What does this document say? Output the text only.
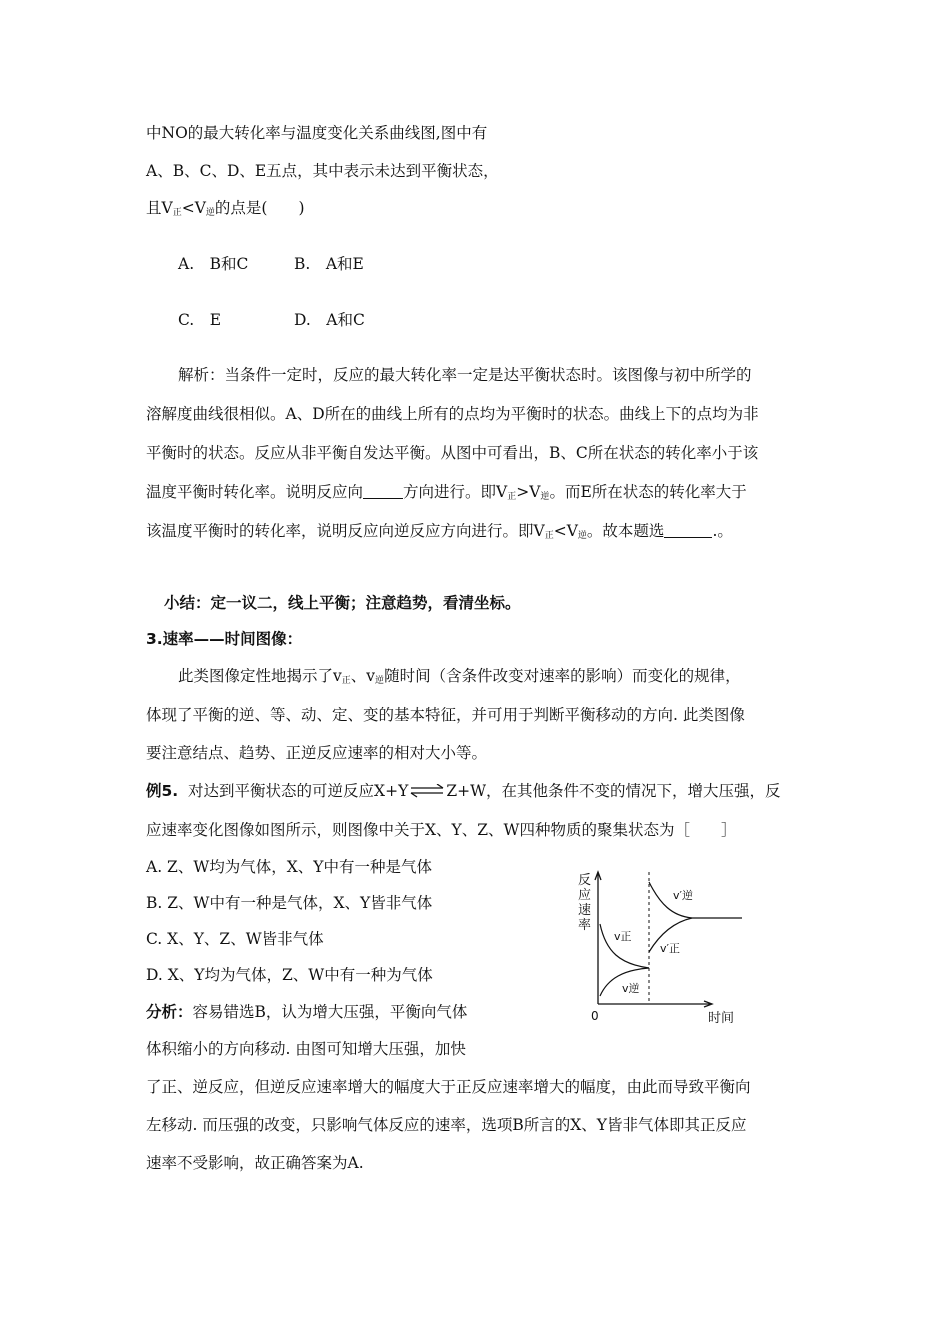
中NO的最大转化率与温度变化关系曲线图,图中有
A、B、C、D、E五点，其中表示未达到平衡状态，
且$V_正<V_逆$的点是(　　)
A.　B和C	B.　A和E
C.　E	D.　A和C
解析：当条件一定时，反应的最大转化率一定是达平衡状态时。该图像与初中所学的
溶解度曲线很相似。A、D所在的曲线上所有的点均为平衡时的状态。曲线上下的点均为非
平衡时的状态。反应从非平衡自发达平衡。从图中可看出，B、C所在状态的转化率小于该
温度平衡时转化率。说明反应向	方向进行。即$V_正>V_逆$。而E所在状态的转化率大于
该温度平衡时的转化率，说明反应向逆反应方向进行。即$V_正<V_逆$。故本题选	.。
小结：定一议二，线上平衡；注意趋势，看清坐标。
3.速率——时间图像：
此类图像定性地揭示了$v_正$、$v_逆$随时间（含条件改变对速率的影响）而变化的规律，
体现了平衡的逆、等、动、定、变的基本特征，并可用于判断平衡移动的方向. 此类图像
要注意结点、趋势、正逆反应速率的相对大小等。
例5. 对达到平衡状态的可逆反应X+Y⇌Z+W，在其他条件不变的情况下，增大压强，反
应速率变化图像如图所示，则图像中关于X、Y、Z、W四种物质的聚集状态为［　　］
A. Z、W均为气体，X、Y中有一种是气体
B. Z、W中有一种是气体，X、Y皆非气体
C. X、Y、Z、W皆非气体
D. X、Y均为气体，Z、W中有一种为气体
分析：容易错选B，认为增大压强，平衡向气体
体积缩小的方向移动. 由图可知增大压强，加快
了正、逆反应，但逆反应速率增大的幅度大于正反应速率增大的幅度，由此而导致平衡向
左移动. 而压强的改变，只影响气体反应的速率，选项B所言的X、Y皆非气体即其正反应
速率不受影响，故正确答案为A.
反
应
速
率
0	时间
v正
v逆
v′逆
v′正
